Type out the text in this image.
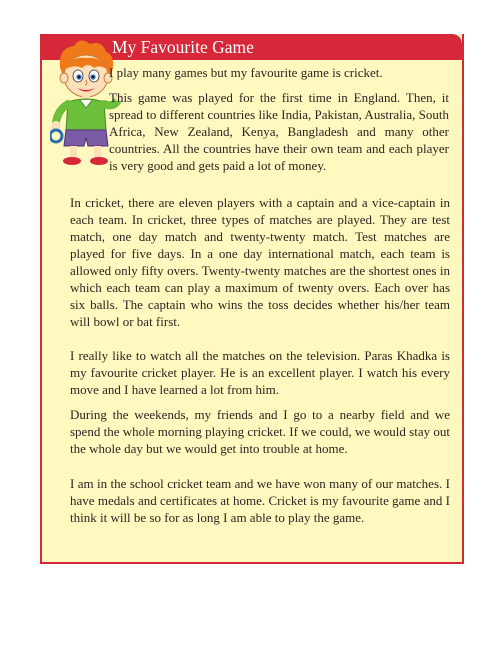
My Favourite Game

I play many games but my favourite game is cricket.

This game was played for the first time in England. Then, it spread to different countries like India, Pakistan, Australia, South Africa, New Zealand, Kenya, Bangladesh and many other countries. All the countries have their own team and each player is very good and gets paid a lot of money.

In cricket, there are eleven players with a captain and a vice-captain in each team. In cricket, three types of matches are played. They are test match, one day match and twenty-twenty match. Test matches are played for five days. In a one day international match, each team is allowed only fifty overs. Twenty-twenty matches are the shortest ones in which each team can play a maximum of twenty overs. Each over has six balls. The captain who wins the toss decides whether his/her team will bowl or bat first.

I really like to watch all the matches on the television. Paras Khadka is my favourite cricket player. He is an excellent player. I watch his every move and I have learned a lot from him.

During the weekends, my friends and I go to a nearby field and we spend the whole morning playing cricket. If we could, we would stay out the whole day but we would get into trouble at home.

I am in the school cricket team and we have won many of our matches. I have medals and certificates at home. Cricket is my favourite game and I think it will be so for as long I am able to play the game.
